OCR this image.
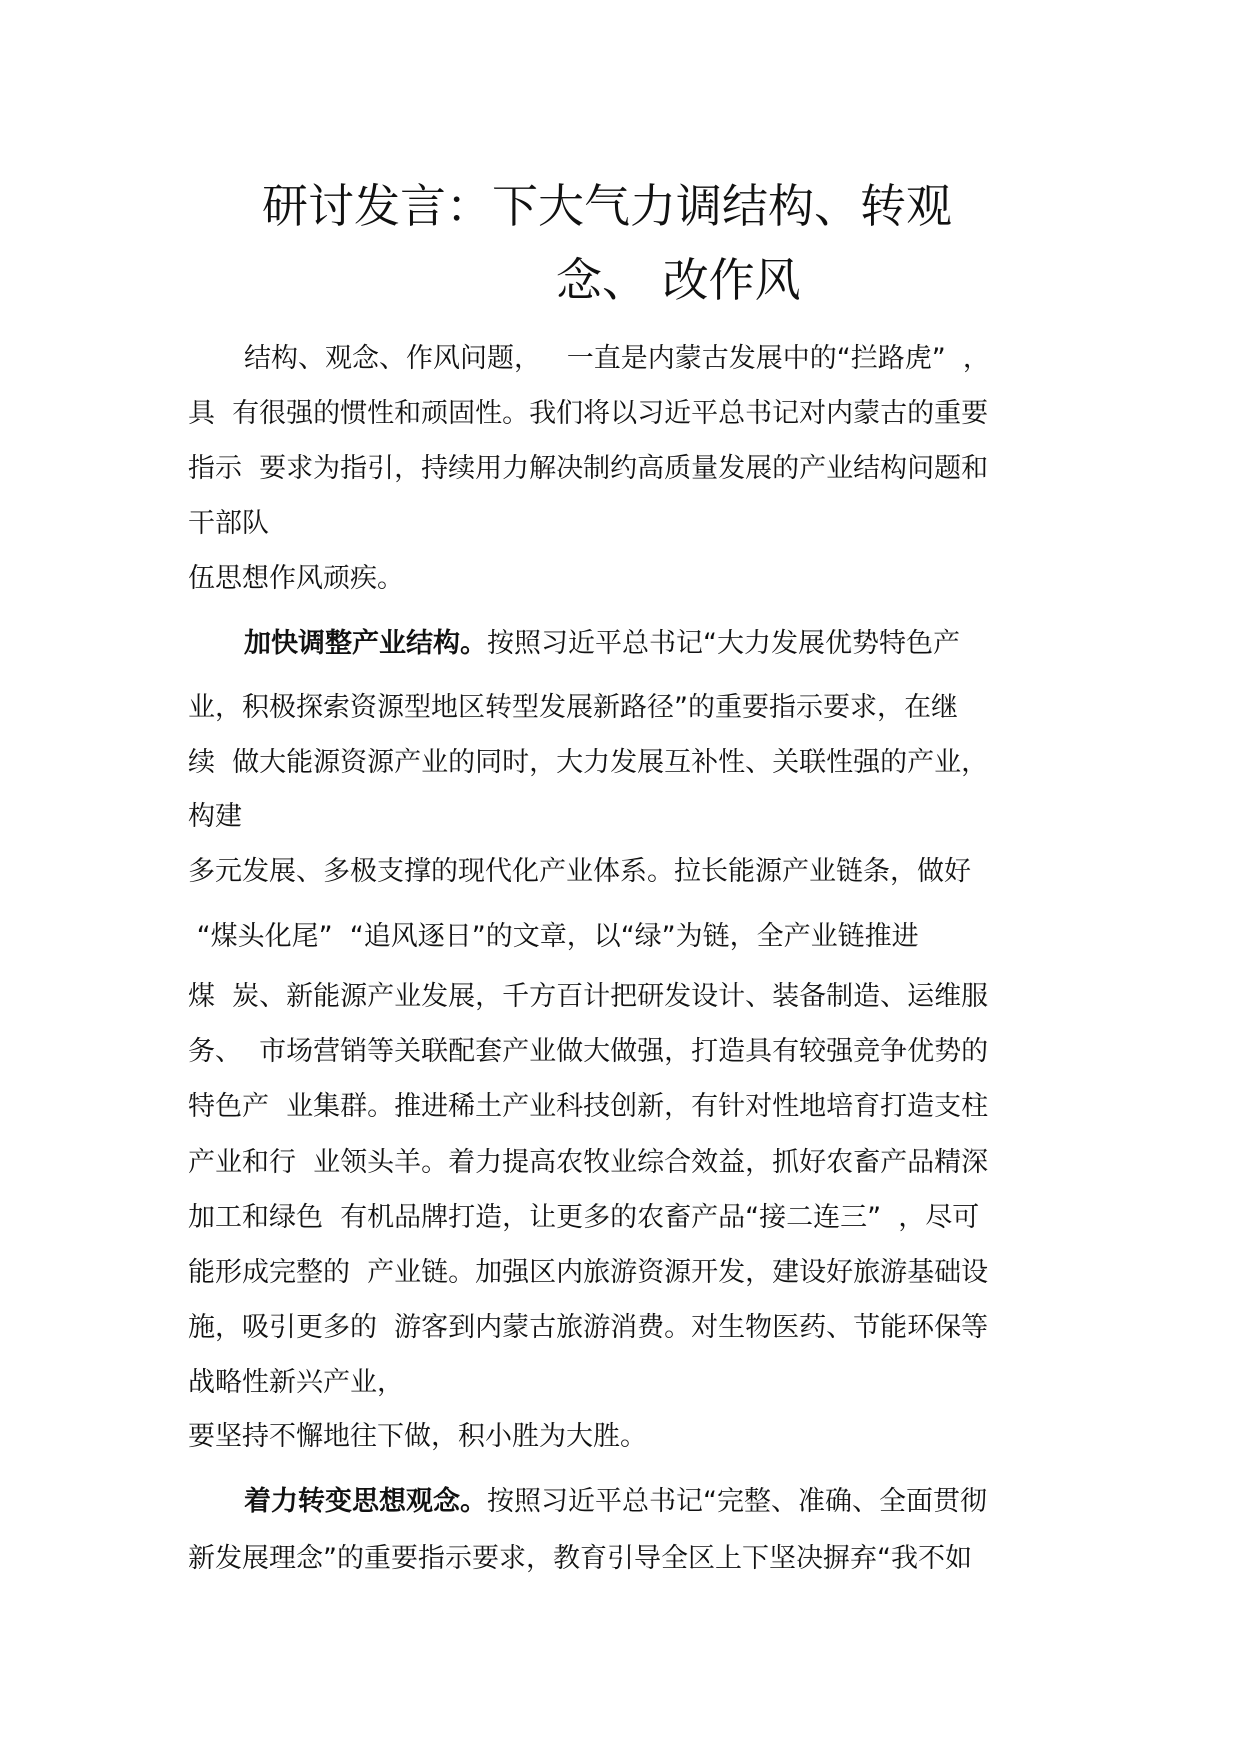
研讨发言：下大气力调结构、转观
念、 改作风

结构、观念、作风问题，   一直是内蒙古发展中的“拦路虎”  ，

具  有很强的惯性和顽固性。我们将以习近平总书记对内蒙古的重要

指示  要求为指引，持续用力解决制约高质量发展的产业结构问题和

干部队

伍思想作风顽疾。

加快调整产业结构。按照习近平总书记“大力发展优势特色产

业，积极探索资源型地区转型发展新路径”的重要指示要求，在继

续  做大能源资源产业的同时，大力发展互补性、关联性强的产业，

构建

多元发展、多极支撑的现代化产业体系。拉长能源产业链条，做好

“煤头化尾”  “追风逐日”的文章，以“绿”为链，全产业链推进

煤  炭、新能源产业发展，千方百计把研发设计、装备制造、运维服

务、  市场营销等关联配套产业做大做强，打造具有较强竞争优势的

特色产  业集群。推进稀土产业科技创新，有针对性地培育打造支柱

产业和行  业领头羊。着力提高农牧业综合效益，抓好农畜产品精深

加工和绿色  有机品牌打造，让更多的农畜产品“接二连三”  ，尽可

能形成完整的  产业链。加强区内旅游资源开发，建设好旅游基础设

施，吸引更多的  游客到内蒙古旅游消费。对生物医药、节能环保等

战略性新兴产业，

要坚持不懈地往下做，积小胜为大胜。

着力转变思想观念。按照习近平总书记“完整、准确、全面贯彻

新发展理念”的重要指示要求，教育引导全区上下坚决摒弃“我不如
